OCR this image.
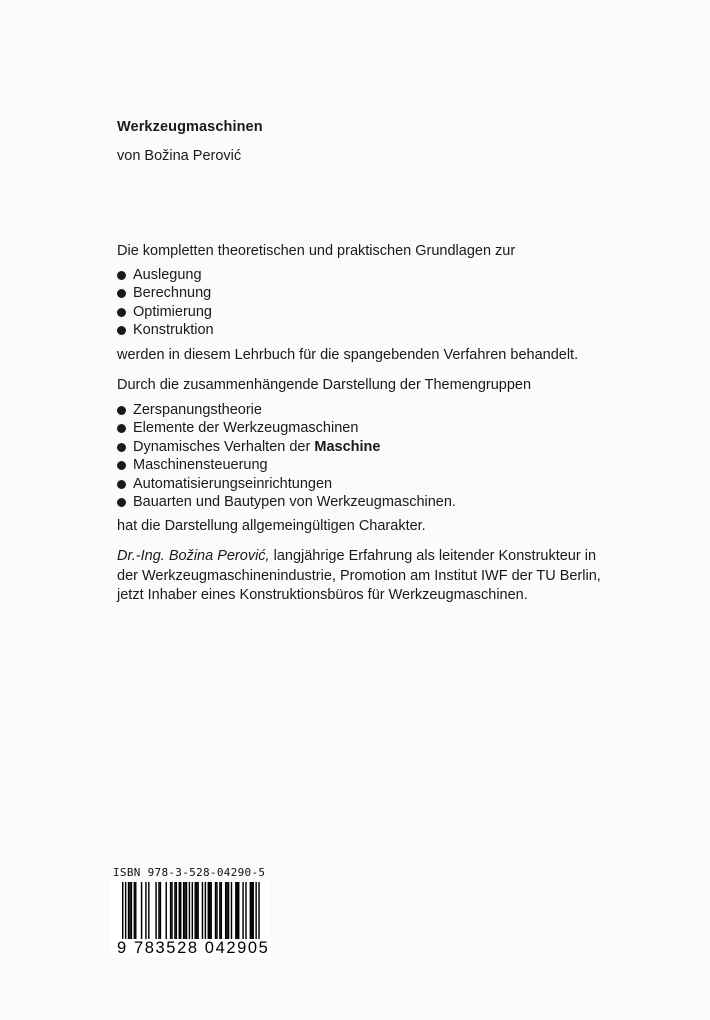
Werkzeugmaschinen
von Božina Perović
Die kompletten theoretischen und praktischen Grundlagen zur
Auslegung
Berechnung
Optimierung
Konstruktion
werden in diesem Lehrbuch für die spangebenden Verfahren behandelt.
Durch die zusammenhängende Darstellung der Themengruppen
Zerspanungstheorie
Elemente der Werkzeugmaschinen
Dynamisches Verhalten der Maschine
Maschinensteuerung
Automatisierungseinrichtungen
Bauarten und Bautypen von Werkzeugmaschinen.
hat die Darstellung allgemeingültigen Charakter.

Dr.-Ing. Božina Perović, langjährige Erfahrung als leitender Konstrukteur in der Werkzeugmaschinenindustrie, Promotion am Institut IWF der TU Berlin, jetzt Inhaber eines Konstruktionsbüros für Werkzeugmaschinen.

ISBN 978-3-528-04290-5
9 783528 042905
